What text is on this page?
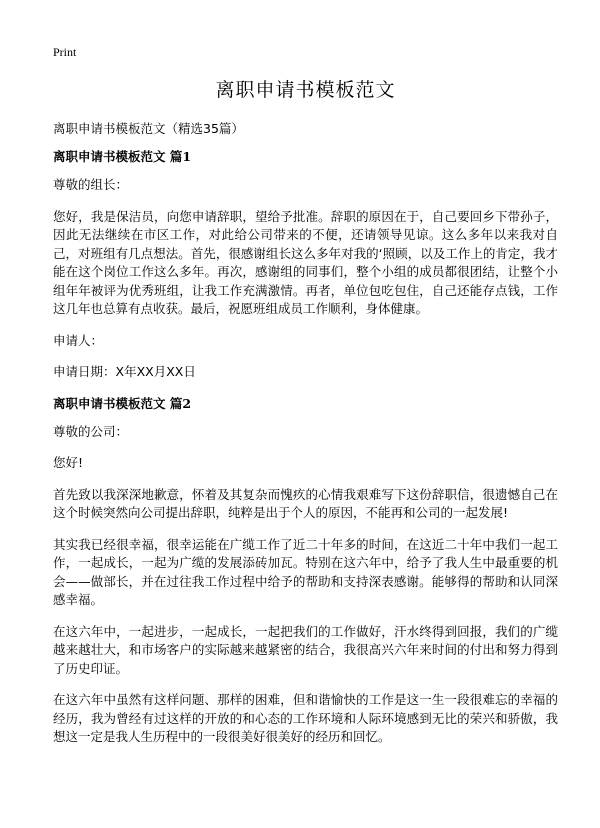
Print
离职申请书模板范文

离职申请书模板范文（精选35篇）

离职申请书模板范文 篇1

尊敬的组长：

您好，我是保洁员，向您申请辞职，望给予批准。辞职的原因在于，自己要回乡下带孙子，因此无法继续在市区工作，对此给公司带来的不便，还请领导见谅。这么多年以来我对自己，对班组有几点想法。首先，很感谢组长这么多年对我的‘照顾，以及工作上的肯定，我才能在这个岗位工作这么多年。再次，感谢组的同事们，整个小组的成员都很团结，让整个小组年年被评为优秀班组，让我工作充满激情。再者，单位包吃包住，自己还能存点钱，工作这几年也总算有点收获。最后，祝愿班组成员工作顺利，身体健康。

申请人：

申请日期：X年XX月XX日

离职申请书模板范文 篇2

尊敬的公司：

您好!

首先致以我深深地歉意，怀着及其复杂而愧疚的心情我艰难写下这份辞职信，很遗憾自己在这个时候突然向公司提出辞职，纯粹是出于个人的原因，不能再和公司的一起发展!

其实我已经很幸福，很幸运能在广缆工作了近二十年多的时间，在这近二十年中我们一起工作，一起成长，一起为广缆的发展添砖加瓦。特别在这六年中，给予了我人生中最重要的机会——做部长，并在过往我工作过程中给予的帮助和支持深表感谢。能够得的帮助和认同深感幸福。

在这六年中，一起进步，一起成长，一起把我们的工作做好，汗水终得到回报，我们的广缆越来越壮大，和市场客户的实际越来越紧密的结合，我很高兴六年来时间的付出和努力得到了历史印证。

在这六年中虽然有这样问题、那样的困难，但和谐愉快的工作是这一生一段很难忘的幸福的经历，我为曾经有过这样的开放的和心态的工作环境和人际环境感到无比的荣兴和骄傲，我想这一定是我人生历程中的一段很美好很美好的经历和回忆。
